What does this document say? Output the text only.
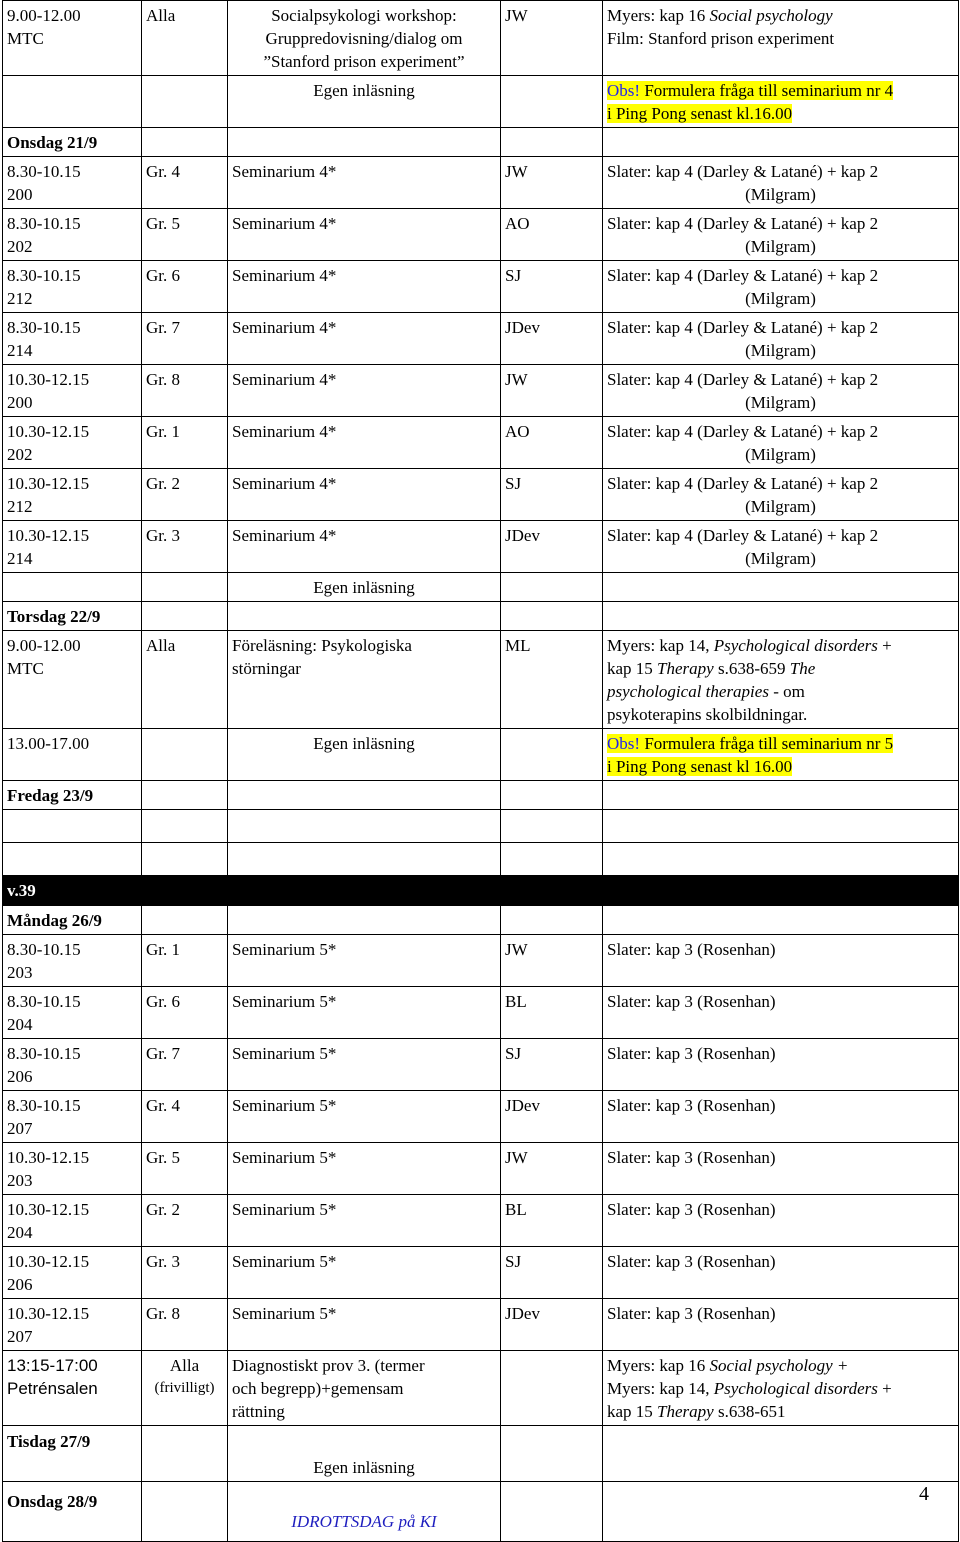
9.00-12.00
MTC	Alla	Socialpsykologi workshop:
Gruppredovisning/dialog om
”Stanford prison experiment”	JW	Myers: kap 16 Social psychology
Film: Stanford prison experiment

		Egen inläsning		Obs! Formulera fråga till seminarium nr 4
i Ping Pong senast kl.16.00

Onsdag 21/9				

8.30-10.15
200	Gr. 4	Seminarium 4*	JW	Slater: kap 4 (Darley & Latané) + kap 2
(Milgram)

8.30-10.15
202	Gr. 5	Seminarium 4*	AO	Slater: kap 4 (Darley & Latané) + kap 2
(Milgram)

8.30-10.15
212	Gr. 6	Seminarium 4*	SJ	Slater: kap 4 (Darley & Latané) + kap 2
(Milgram)

8.30-10.15
214	Gr. 7	Seminarium 4*	JDev	Slater: kap 4 (Darley & Latané) + kap 2
(Milgram)

10.30-12.15
200	Gr. 8	Seminarium 4*	JW	Slater: kap 4 (Darley & Latané) + kap 2
(Milgram)

10.30-12.15
202	Gr. 1	Seminarium 4*	AO	Slater: kap 4 (Darley & Latané) + kap 2
(Milgram)

10.30-12.15
212	Gr. 2	Seminarium 4*	SJ	Slater: kap 4 (Darley & Latané) + kap 2
(Milgram)

10.30-12.15
214	Gr. 3	Seminarium 4*	JDev	Slater: kap 4 (Darley & Latané) + kap 2
(Milgram)

		Egen inläsning		
Torsdag 22/9				

9.00-12.00
MTC	Alla	Föreläsning: Psykologiska
störningar	ML	Myers: kap 14, Psychological disorders +
kap 15 Therapy s.638-659 The
psychological therapies - om
psykoterapins skolbildningar.

13.00-17.00		Egen inläsning		Obs! Formulera fråga till seminarium nr 5
i Ping Pong senast kl 16.00

Fredag 23/9				

v.39				
Måndag 26/9				

8.30-10.15
203	Gr. 1	Seminarium 5*	JW	Slater: kap 3 (Rosenhan)

8.30-10.15
204	Gr. 6	Seminarium 5*	BL	Slater: kap 3 (Rosenhan)

8.30-10.15
206	Gr. 7	Seminarium 5*	SJ	Slater: kap 3 (Rosenhan)

8.30-10.15
207	Gr. 4	Seminarium 5*	JDev	Slater: kap 3 (Rosenhan)

10.30-12.15
203	Gr. 5	Seminarium 5*	JW	Slater: kap 3 (Rosenhan)

10.30-12.15
204	Gr. 2	Seminarium 5*	BL	Slater: kap 3 (Rosenhan)

10.30-12.15
206	Gr. 3	Seminarium 5*	SJ	Slater: kap 3 (Rosenhan)

10.30-12.15
207	Gr. 8	Seminarium 5*	JDev	Slater: kap 3 (Rosenhan)

13:15-17:00
Petrénsalen	Alla
(frivilligt)	Diagnostiskt prov 3. (termer
och begrepp)+gemensam
rättning		Myers: kap 16 Social psychology +
Myers: kap 14, Psychological disorders +
kap 15 Therapy s.638-651

Tisdag 27/9		Egen inläsning		
Onsdag 28/9		IDROTTSDAG på KI		
4
